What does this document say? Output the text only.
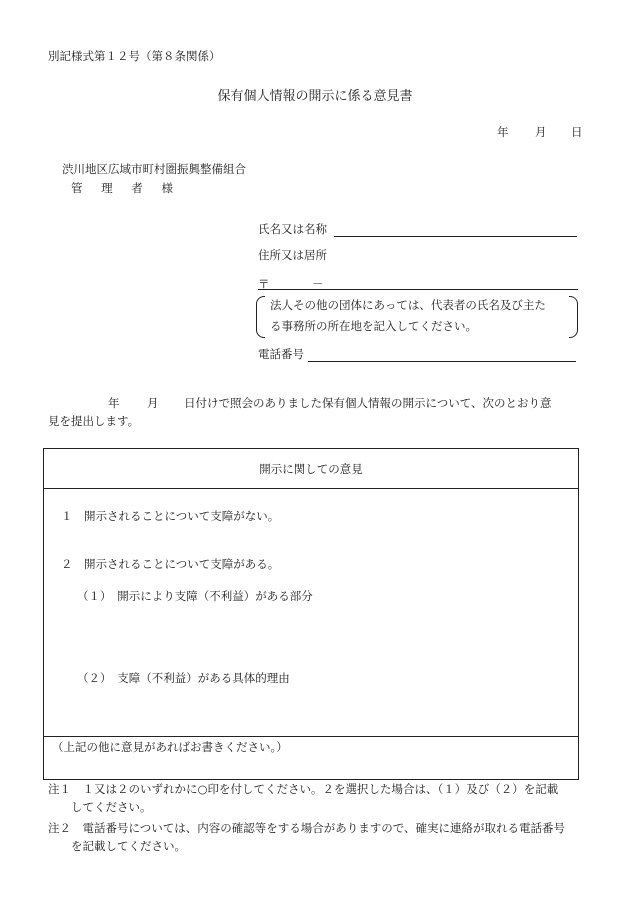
別記様式第１２号（第８条関係）
保有個人情報の開示に係る意見書
年 月 日
渋川地区広域市町村圏振興整備組合
管 理 者 様
氏名又は名称
住所又は居所
〒	－
法人その他の団体にあっては、代表者の氏名及び主た
る事務所の所在地を記入してください。
電話番号
年 月 日付けで照会のありました保有個人情報の開示について、次のとおり意
見を提出します。
開示に関しての意見
１　開示されることについて支障がない。
２　開示されることについて支障がある。
（１）　開示により支障（不利益）がある部分
（２）　支障（不利益）がある具体的理由
（上記の他に意見があればお書きください。）
注１　１又は２のいずれかに○印を付してください。２を選択した場合は、（１）及び（２）を記載
してください。
注２　電話番号については、内容の確認等をする場合がありますので、確実に連絡が取れる電話番号
を記載してください。
